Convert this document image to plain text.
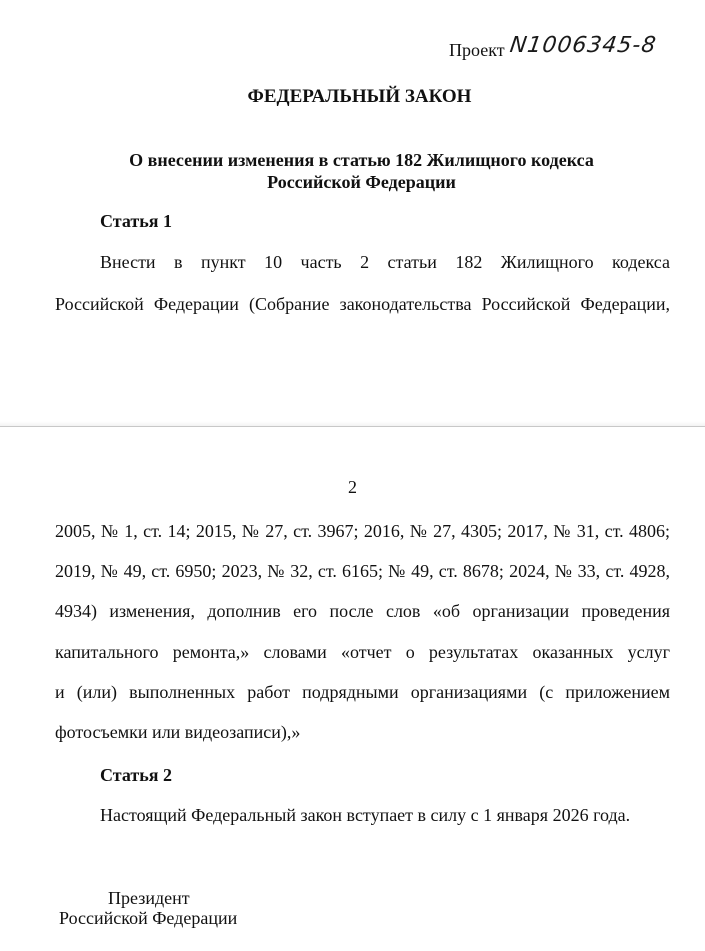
Проект N1006345-8
ФЕДЕРАЛЬНЫЙ ЗАКОН
О внесении изменения в статью 182 Жилищного кодекса
Российской Федерации
Статья 1
Внести в пункт 10 часть 2 статьи 182 Жилищного кодекса
Российской Федерации (Собрание законодательства Российской Федерации,
2
2005, № 1, ст. 14; 2015, № 27, ст. 3967; 2016, № 27, 4305; 2017, № 31, ст. 4806;
2019, № 49, ст. 6950; 2023, № 32, ст. 6165; № 49, ст. 8678; 2024, № 33, ст. 4928,
4934) изменения, дополнив его после слов «об организации проведения
капитального ремонта,» словами «отчет о результатах оказанных услуг
и (или) выполненных работ подрядными организациями (с приложением
фотосъемки или видеозаписи),»
Статья 2
Настоящий Федеральный закон вступает в силу с 1 января 2026 года.
Президент
Российской Федерации
